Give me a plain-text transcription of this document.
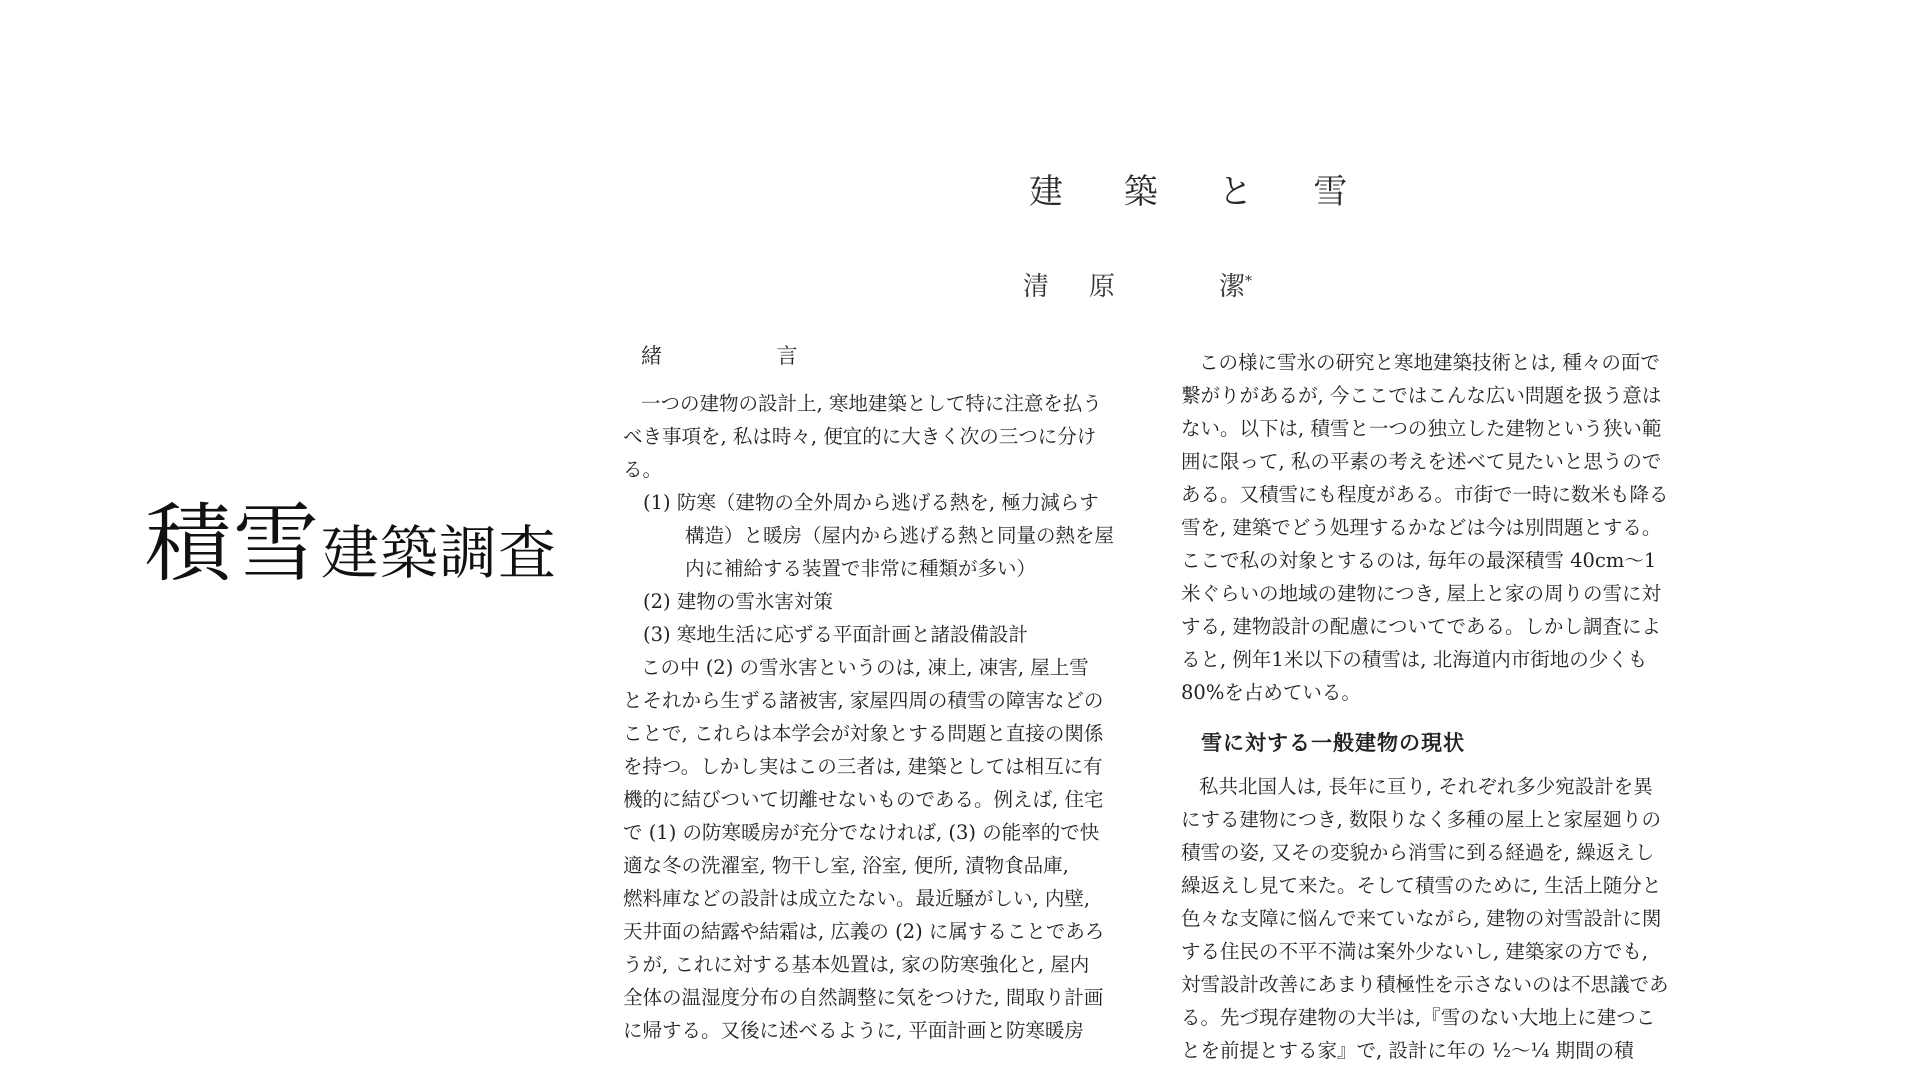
積雪建築調査
建 築 と 雪
清 原	潔*

緒 言

一つの建物の設計上, 寒地建築として特に注意を払う

べき事項を, 私は時々, 便宜的に大きく次の三つに分け

る。

(1) 防寒（建物の全外周から逃げる熱を, 極力減らす

構造）と暖房（屋内から逃げる熱と同量の熱を屋

内に補給する装置で非常に種類が多い）

(2) 建物の雪氷害対策

(3) 寒地生活に応ずる平面計画と諸設備設計

この中 (2) の雪氷害というのは, 凍上, 凍害, 屋上雪

とそれから生ずる諸被害, 家屋四周の積雪の障害などの

ことで, これらは本学会が対象とする問題と直接の関係

を持つ。しかし実はこの三者は, 建築としては相互に有

機的に結びついて切離せないものである。例えば, 住宅

で (1) の防寒暖房が充分でなければ, (3) の能率的で快

適な冬の洗濯室, 物干し室, 浴室, 便所, 漬物食品庫,

燃料庫などの設計は成立たない。最近騒がしい, 内壁,

天井面の結露や結霜は, 広義の (2) に属することであろ

うが, これに対する基本処置は, 家の防寒強化と, 屋内

全体の温湿度分布の自然調整に気をつけた, 間取り計画

に帰する。又後に述べるように, 平面計画と防寒暖房

この様に雪氷の研究と寒地建築技術とは, 種々の面で

繋がりがあるが, 今ここではこんな広い問題を扱う意は

ない。以下は, 積雪と一つの独立した建物という狭い範

囲に限って, 私の平素の考えを述べて見たいと思うので

ある。又積雪にも程度がある。市街で一時に数米も降る

雪を, 建築でどう処理するかなどは今は別問題とする。

ここで私の対象とするのは, 毎年の最深積雪 40cm～1

米ぐらいの地域の建物につき, 屋上と家の周りの雪に対

する, 建物設計の配慮についてである。しかし調査によ

ると, 例年1米以下の積雪は, 北海道内市街地の少くも

80%を占めている。

雪に対する一般建物の現状

私共北国人は, 長年に亘り, それぞれ多少宛設計を異

にする建物につき, 数限りなく多種の屋上と家屋廻りの

積雪の姿, 又その変貌から消雪に到る経過を, 繰返えし

繰返えし見て来た。そして積雪のために, 生活上随分と

色々な支障に悩んで来ていながら, 建物の対雪設計に関

する住民の不平不満は案外少ないし, 建築家の方でも,

対雪設計改善にあまり積極性を示さないのは不思議であ

る。先づ現存建物の大半は,『雪のない大地上に建つこ

とを前提とする家』で, 設計に年の ½～¼ 期間の積
